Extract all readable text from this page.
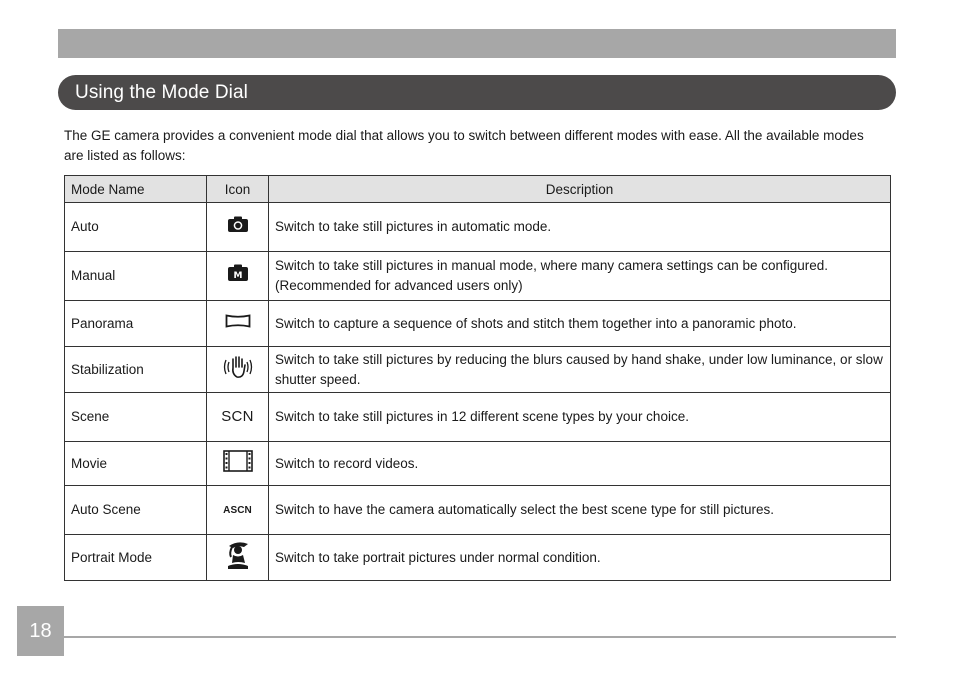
Using the Mode Dial
The GE camera provides a convenient mode dial that allows you to switch between different modes with ease. All the available modes are listed as follows:
Mode Name	Icon	Description
Auto		Switch to take still pictures in automatic mode.
Manual	M	Switch to take still pictures in manual mode, where many camera settings can be configured. (Recommended for advanced users only)
Panorama		Switch to capture a sequence of shots and stitch them together into a panoramic photo.
Stabilization		Switch to take still pictures by reducing the blurs caused by hand shake, under low luminance, or slow shutter speed.
Scene	SCN	Switch to take still pictures in 12 different scene types by your choice.
Movie		Switch to record videos.
Auto Scene	ASCN	Switch to have the camera automatically select the best scene type for still pictures.
Portrait Mode		Switch to take portrait pictures under normal condition.
18
